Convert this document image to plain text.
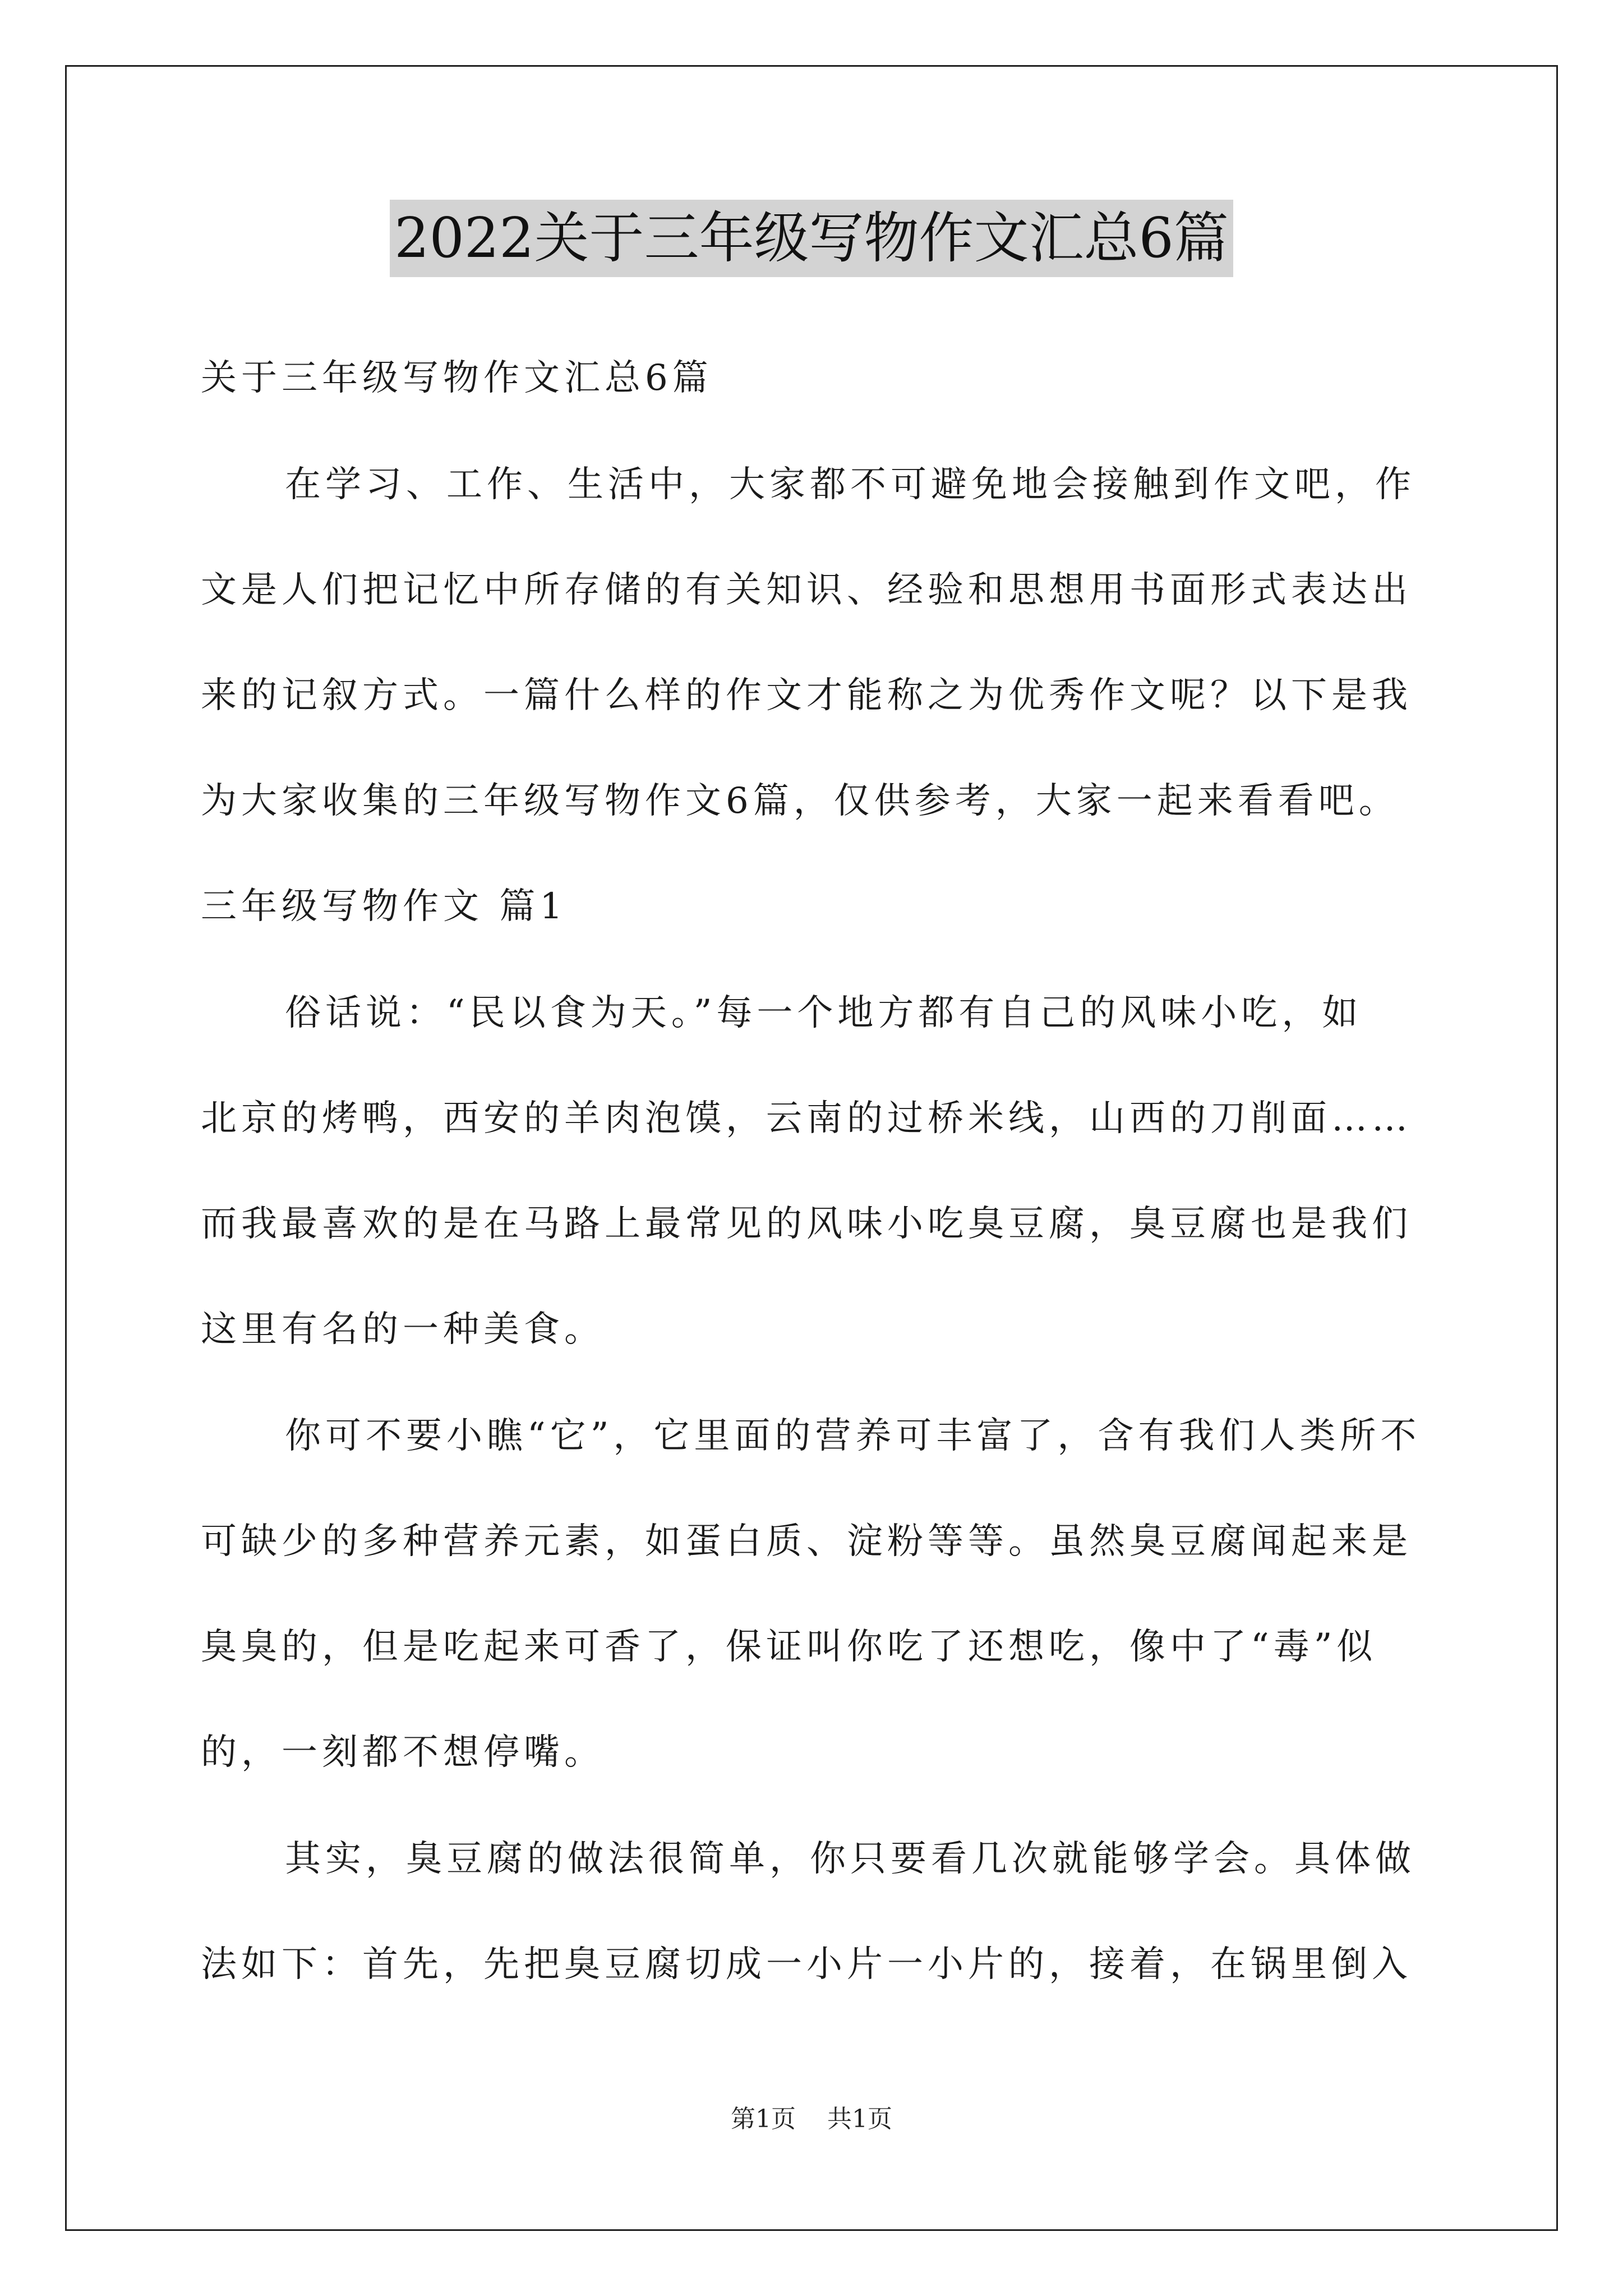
2022关于三年级写物作文汇总6篇

关于三年级写物作文汇总6篇

在学习、工作、生活中，大家都不可避免地会接触到作文吧，作

文是人们把记忆中所存储的有关知识、经验和思想用书面形式表达出

来的记叙方式。一篇什么样的作文才能称之为优秀作文呢？以下是我

为大家收集的三年级写物作文6篇，仅供参考，大家一起来看看吧。

三年级写物作文 篇1

俗话说：“民以食为天。”每一个地方都有自己的风味小吃，如

北京的烤鸭，西安的羊肉泡馍，云南的过桥米线，山西的刀削面……

而我最喜欢的是在马路上最常见的风味小吃臭豆腐，臭豆腐也是我们

这里有名的一种美食。

你可不要小瞧“它”，它里面的营养可丰富了，含有我们人类所不

可缺少的多种营养元素，如蛋白质、淀粉等等。虽然臭豆腐闻起来是

臭臭的，但是吃起来可香了，保证叫你吃了还想吃，像中了“毒”似

的，一刻都不想停嘴。

其实，臭豆腐的做法很简单，你只要看几次就能够学会。具体做

法如下：首先，先把臭豆腐切成一小片一小片的，接着，在锅里倒入

第1页 共1页
